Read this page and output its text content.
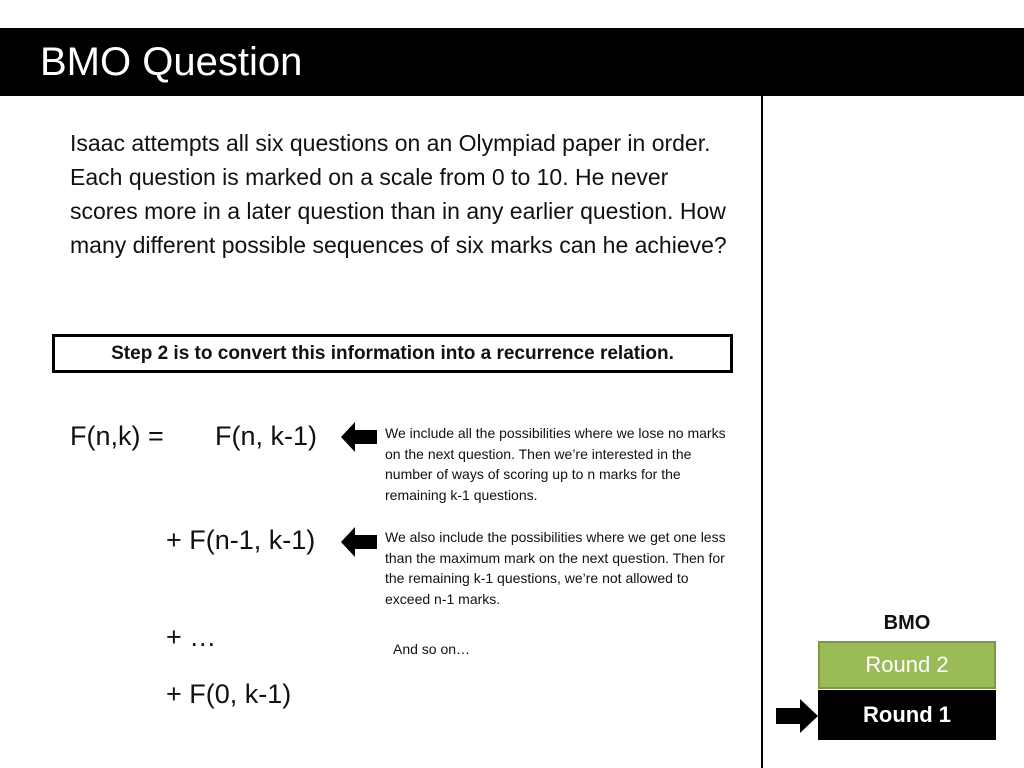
BMO Question
Isaac attempts all six questions on an Olympiad paper in order. Each question is marked on a scale from 0 to 10. He never scores more in a later question than in any earlier question. How many different possible sequences of six marks can he achieve?
Step 2 is to convert this information into a recurrence relation.
F(n,k) = F(n, k-1)
+ F(n-1, k-1)
+ …
+ F(0, k-1)
We include all the possibilities where we lose no marks on the next question. Then we’re interested in the number of ways of scoring up to n marks for the remaining k-1 questions.
We also include the possibilities where we get one less than the maximum mark on the next question. Then for the remaining k-1 questions, we’re not allowed to exceed n-1 marks.
And so on…
BMO
Round 2
Round 1
